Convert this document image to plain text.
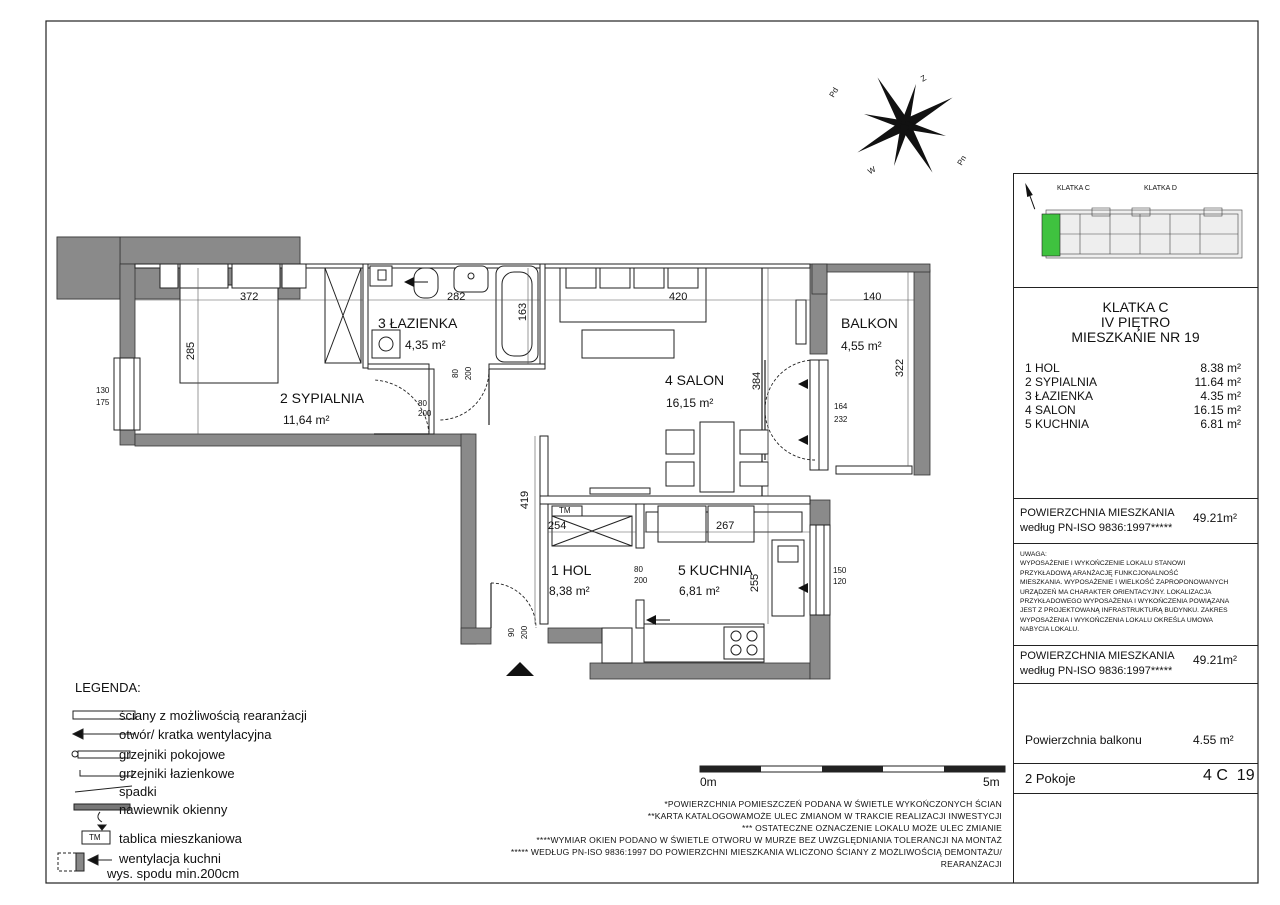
Pd
Z
Pn
W
372	282	420	140
285
163
384
322
419
254	267
255
130
175	80
200
80 200
164
232
80
200
150
120
90 200
TM
2 SYPIALNIA
11,64 m²
3 ŁAZIENKA
4,35 m²
4 SALON
16,15 m²
BALKON
4,55 m²
1 HOL
8,38 m²
5 KUCHNIA
6,81 m²
0m	5m
LEGENDA:
ściany z możliwością rearanżacji
otwór/ kratka wentylacyjna
grzejniki pokojowe
grzejniki łazienkowe
spadki
nawiewnik okienny
tablica mieszkaniowa
wentylacja kuchni
wys. spodu min.200cm
TM
*POWIERZCHNIA POMIESZCZEŃ PODANA W ŚWIETLE WYKOŃCZONYCH ŚCIAN
**KARTA KATALOGOWAMOŻE ULEC ZMIANOM W TRAKCIE REALIZACJI INWESTYCJI
*** OSTATECZNE OZNACZENIE LOKALU MOŻE ULEC ZMIANIE
****WYMIAR OKIEN PODANO W ŚWIETLE OTWORU W MURZE BEZ UWZGLĘDNIANIA TOLERANCJI NA MONTAŻ
***** WEDŁUG PN-ISO 9836:1997 DO POWIERZCHNI MIESZKANIA WLICZONO ŚCIANY Z MOŻLIWOŚCIĄ DEMONTAŻU/
REARANŻACJI
KLATKA C	KLATKA D
KLATKA C
IV PIĘTRO
MIESZKAŃIE NR 19
1 HOL	8.38 m²
2 SYPIALNIA	11.64 m²
3 ŁAZIENKA	4.35 m²
4 SALON	16.15 m²
5 KUCHNIA	6.81 m²
POWIERZCHNIA MIESZKANIA
według PN-ISO 9836:1997*****
49.21m²
UWAGA:
WYPOSAŻENIE I WYKOŃCZENIE LOKALU STANOWI
PRZYKŁADOWĄ ARANŻACJĘ FUNKCJONALNOŚĆ
MIESZKANIA. WYPOSAŻENIE I WIELKOŚĆ ZAPROPONOWANYCH
URZĄDZEŃ MA CHARAKTER ORIENTACYJNY. LOKALIZACJA
PRZYKŁADOWEGO WYPOSAŻENIA I WYKOŃCZENIA POWIĄZANA
JEST Z PROJEKTOWANĄ INFRASTRUKTURĄ BUDYNKU. ZAKRES
WYPOSAŻENIA I WYKOŃCZENIA LOKALU OKREŚLA UMOWA
NABYCIA LOKALU.
POWIERZCHNIA MIESZKANIA
według PN-ISO 9836:1997*****
49.21m²
Powierzchnia balkonu	4.55 m²
2 Pokoje	4 C  19
